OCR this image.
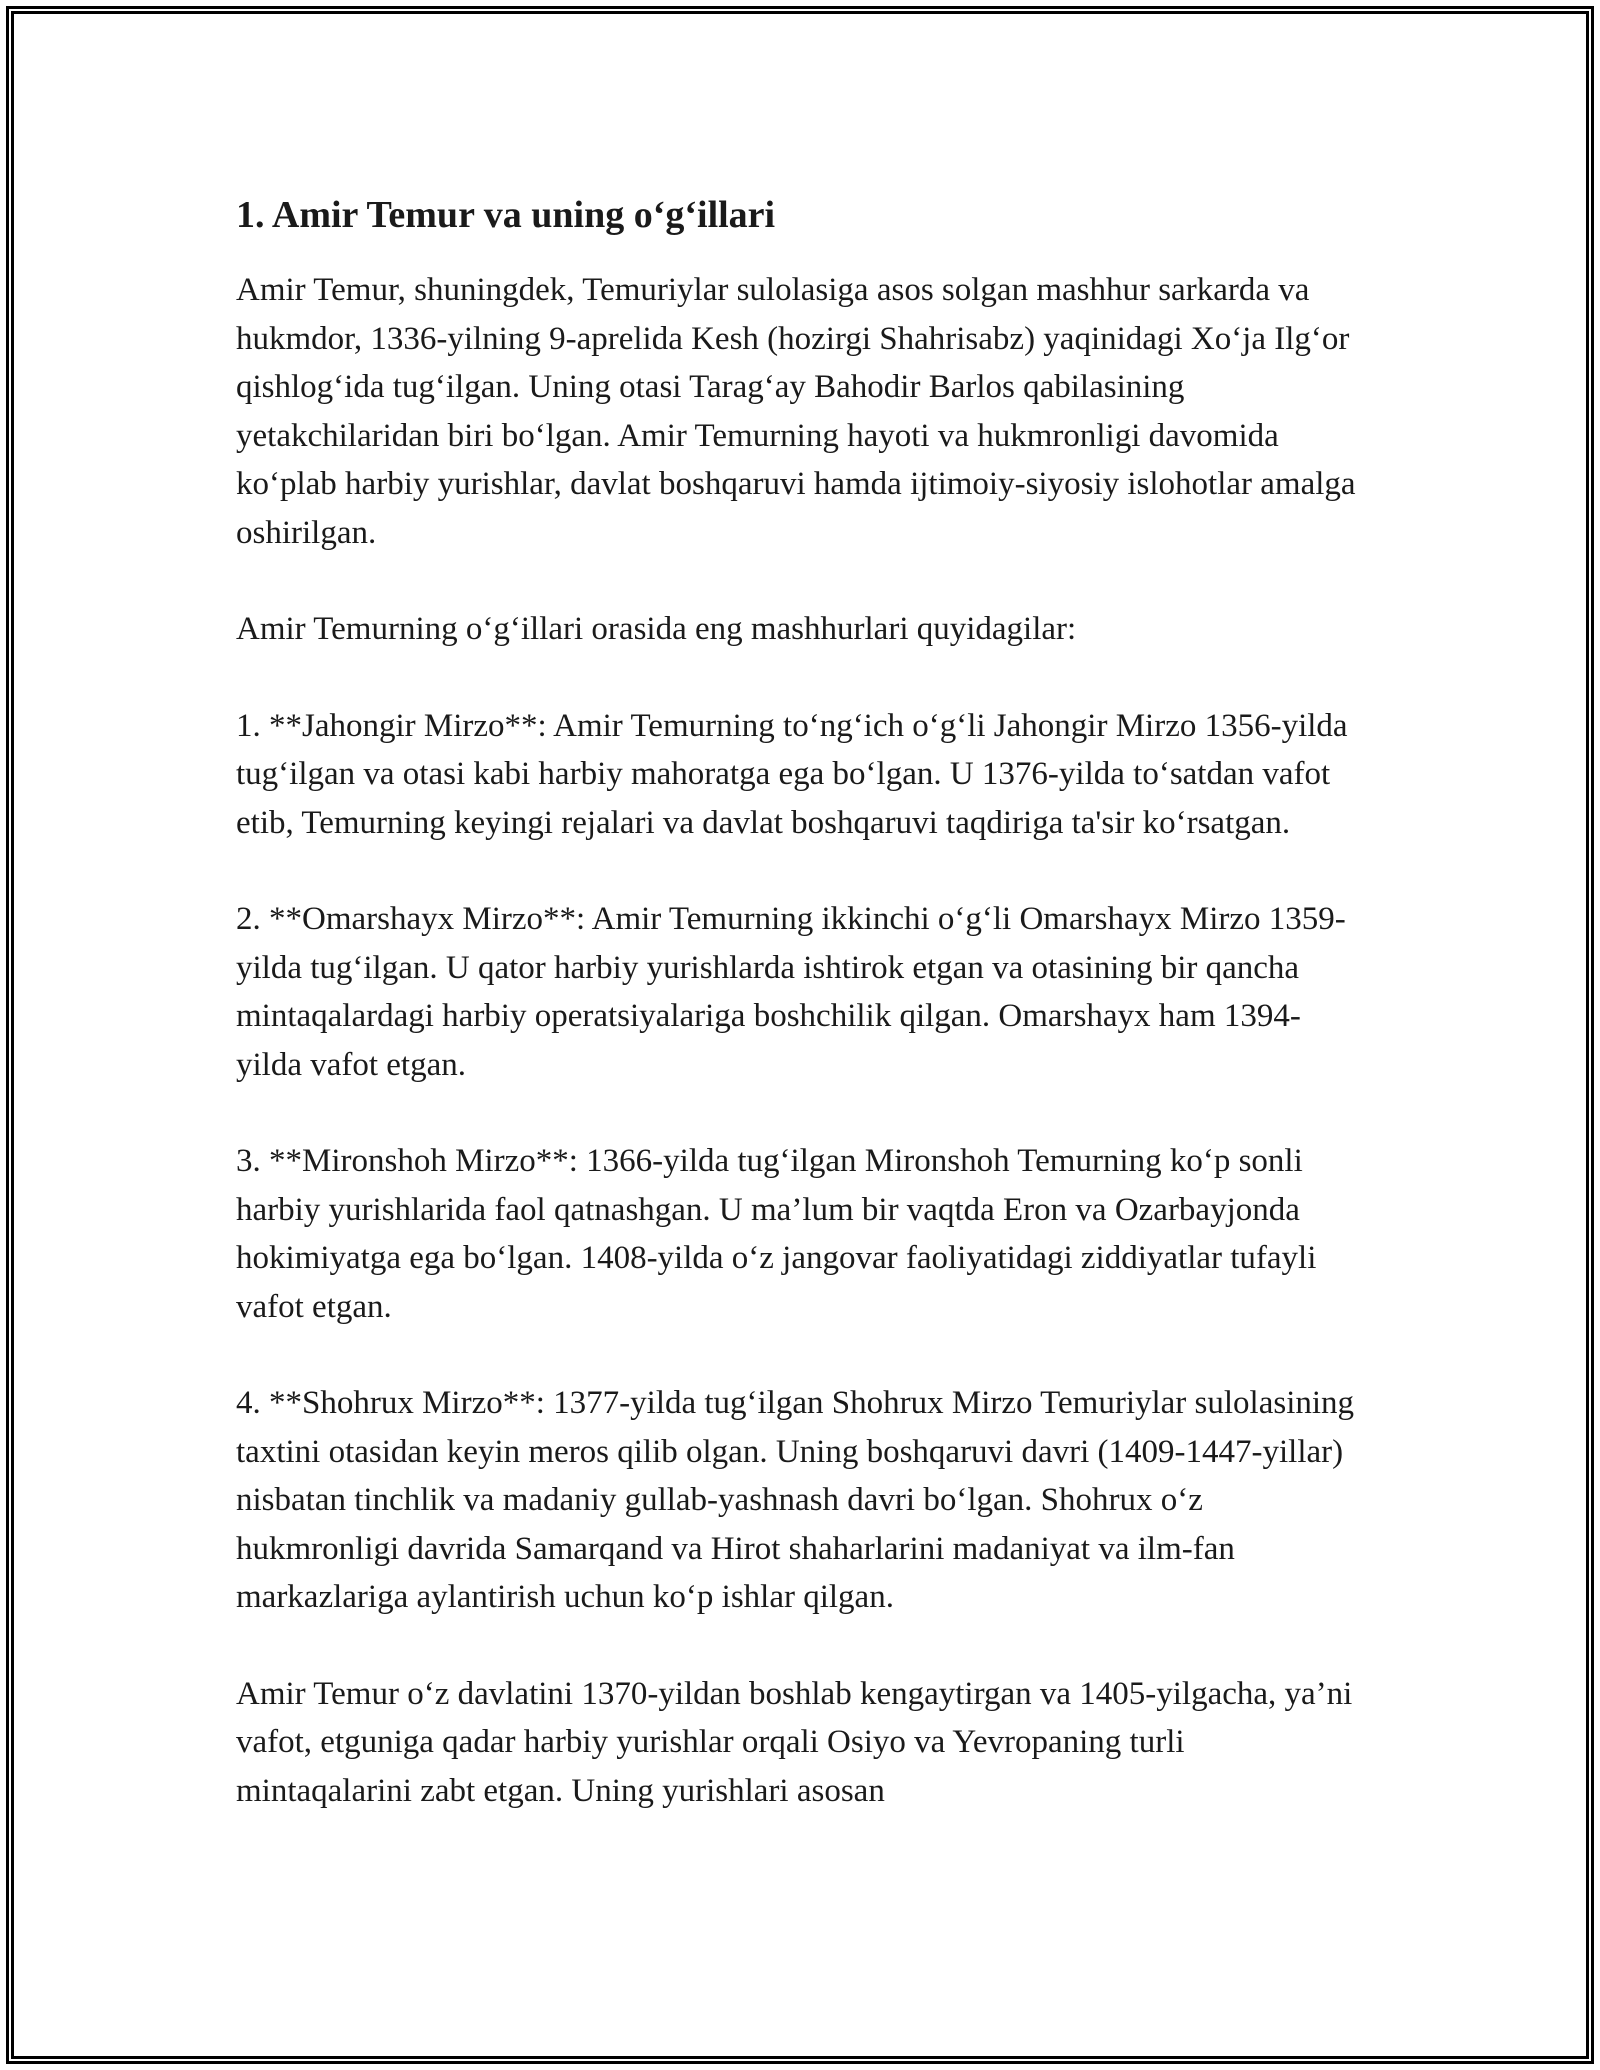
1. Amir Temur va uning o‘g‘illari

Amir Temur, shuningdek, Temuriylar sulolasiga asos solgan mashhur sarkarda va hukmdor, 1336-yilning 9-aprelida Kesh (hozirgi Shahrisabz) yaqinidagi Xo‘ja Ilg‘or qishlog‘ida tug‘ilgan. Uning otasi Tarag‘ay Bahodir Barlos qabilasining yetakchilaridan biri bo‘lgan. Amir Temurning hayoti va hukmronligi davomida ko‘plab harbiy yurishlar, davlat boshqaruvi hamda ijtimoiy-siyosiy islohotlar amalga oshirilgan.

Amir Temurning o‘g‘illari orasida eng mashhurlari quyidagilar:

1. **Jahongir Mirzo**: Amir Temurning to‘ng‘ich o‘g‘li Jahongir Mirzo 1356-yilda tug‘ilgan va otasi kabi harbiy mahoratga ega bo‘lgan. U 1376-yilda to‘satdan vafot etib, Temurning keyingi rejalari va davlat boshqaruvi taqdiriga ta'sir ko‘rsatgan.

2. **Omarshayx Mirzo**: Amir Temurning ikkinchi o‘g‘li Omarshayx Mirzo 1359-yilda tug‘ilgan. U qator harbiy yurishlarda ishtirok etgan va otasining bir qancha mintaqalardagi harbiy operatsiyalariga boshchilik qilgan. Omarshayx ham 1394-yilda vafot etgan.

3. **Mironshoh Mirzo**: 1366-yilda tug‘ilgan Mironshoh Temurning ko‘p sonli harbiy yurishlarida faol qatnashgan. U ma’lum bir vaqtda Eron va Ozarbayjonda hokimiyatga ega bo‘lgan. 1408-yilda o‘z jangovar faoliyatidagi ziddiyatlar tufayli vafot etgan.

4. **Shohrux Mirzo**: 1377-yilda tug‘ilgan Shohrux Mirzo Temuriylar sulolasining taxtini otasidan keyin meros qilib olgan. Uning boshqaruvi davri (1409-1447-yillar) nisbatan tinchlik va madaniy gullab-yashnash davri bo‘lgan. Shohrux o‘z hukmronligi davrida Samarqand va Hirot shaharlarini madaniyat va ilm-fan markazlariga aylantirish uchun ko‘p ishlar qilgan.

Amir Temur o‘z davlatini 1370-yildan boshlab kengaytirgan va 1405-yilgacha, ya’ni vafot, etguniga qadar harbiy yurishlar orqali Osiyo va Yevropaning turli mintaqalarini zabt etgan. Uning yurishlari asosan
